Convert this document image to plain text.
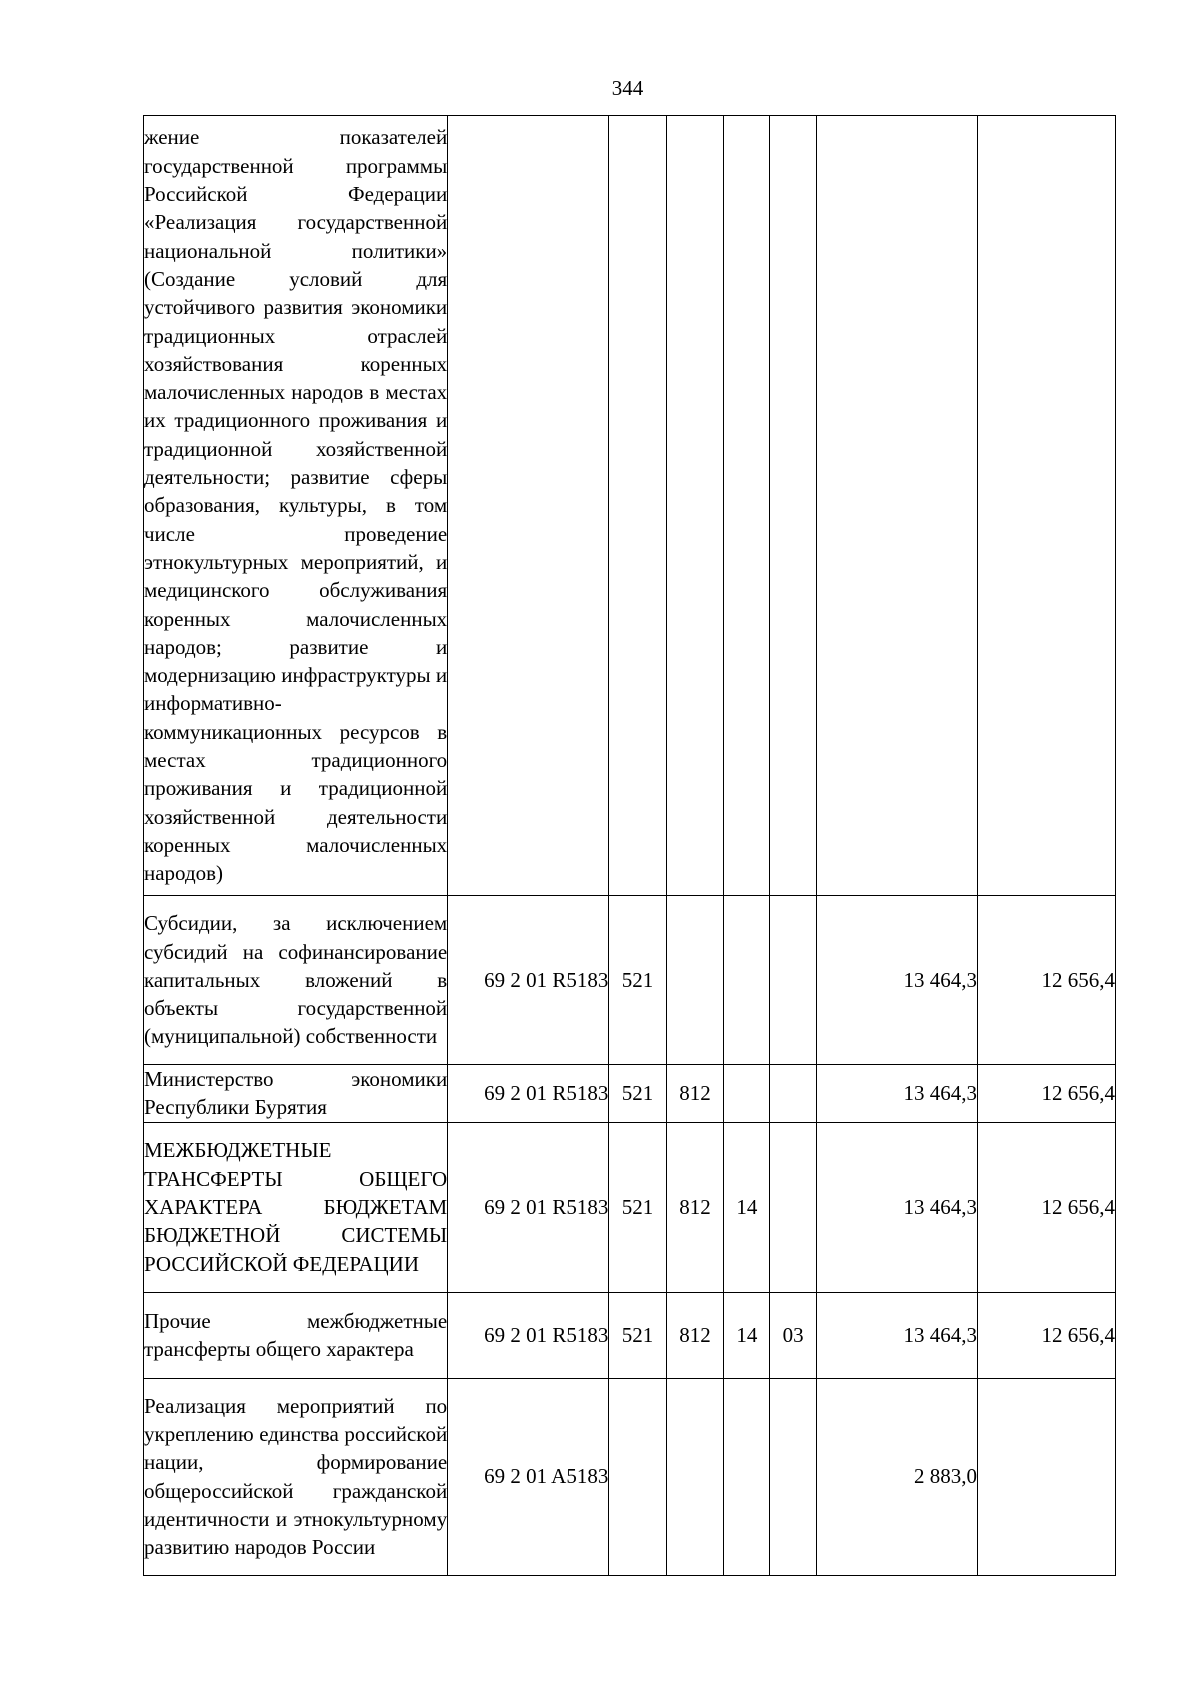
344
жение показателей государственной программы Российской Федерации «Реализация государственной национальной политики» (Создание условий для устойчивого развития экономики традиционных отраслей хозяйствования коренных малочисленных народов в местах их традиционного проживания и традиционной хозяйственной деятельности; развитие сферы образования, культуры, в том числе проведение этнокультурных мероприятий, и медицинского обслуживания коренных малочисленных народов; развитие и модернизацию инфраструктуры и информативно-коммуникационных ресурсов в местах традиционного проживания и традиционной хозяйственной деятельности коренных малочисленных народов)							
Субсидии, за исключением субсидий на софинансирование капитальных вложений в объекты государственной (муниципальной) собственности	69 2 01 R5183	521				13 464,3	12 656,4
Министерство экономики Республики Бурятия	69 2 01 R5183	521	812			13 464,3	12 656,4
МЕЖБЮДЖЕТНЫЕ ТРАНСФЕРТЫ ОБЩЕГО ХАРАКТЕРА БЮДЖЕТАМ БЮДЖЕТНОЙ СИСТЕМЫ РОССИЙСКОЙ ФЕДЕРАЦИИ	69 2 01 R5183	521	812	14		13 464,3	12 656,4
Прочие межбюджетные трансферты общего характера	69 2 01 R5183	521	812	14	03	13 464,3	12 656,4
Реализация мероприятий по укреплению единства российской нации, формирование общероссийской гражданской идентичности и этнокультурному развитию народов России	69 2 01 A5183					2 883,0	
